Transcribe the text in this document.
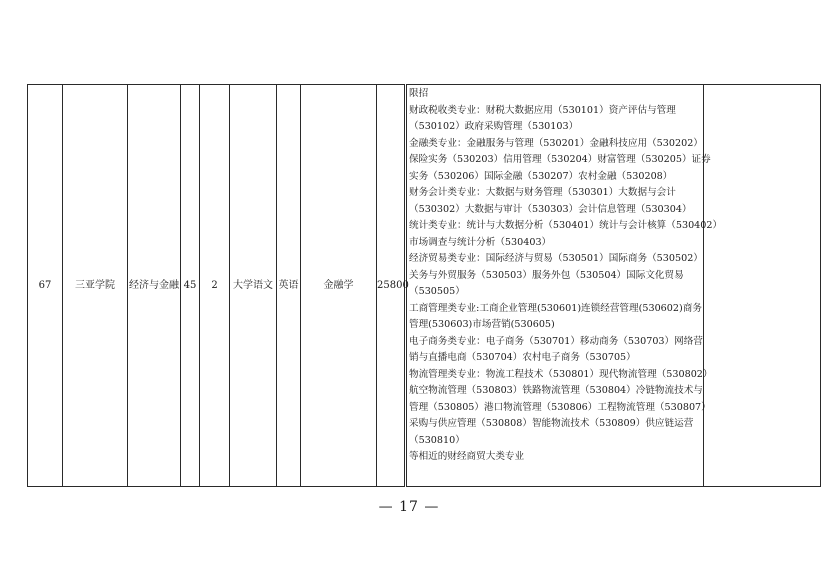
67	三亚学院	经济与金融	45	2	大学语文	英语	金融学	25800	
限招
财政税收类专业：财税大数据应用（530101）资产评估与管理
（530102）政府采购管理（530103）
金融类专业：金融服务与管理（530201）金融科技应用（530202）
保险实务（530203）信用管理（530204）财富管理（530205）证券
实务（530206）国际金融（530207）农村金融（530208）
财务会计类专业：大数据与财务管理（530301）大数据与会计
（530302）大数据与审计（530303）会计信息管理（530304）
统计类专业：统计与大数据分析（530401）统计与会计核算（530402）
市场调查与统计分析（530403）
经济贸易类专业：国际经济与贸易（530501）国际商务（530502）
关务与外贸服务（530503）服务外包（530504）国际文化贸易
（530505）
工商管理类专业:工商企业管理(530601)连锁经营管理(530602)商务
管理(530603)市场营销(530605)
电子商务类专业：电子商务（530701）移动商务（530703）网络营
销与直播电商（530704）农村电子商务（530705）
物流管理类专业：物流工程技术（530801）现代物流管理（530802）
航空物流管理（530803）铁路物流管理（530804）冷链物流技术与
管理（530805）港口物流管理（530806）工程物流管理（530807）
采购与供应管理（530808）智能物流技术（530809）供应链运营
（530810）
等相近的财经商贸大类专业

— 17 —
